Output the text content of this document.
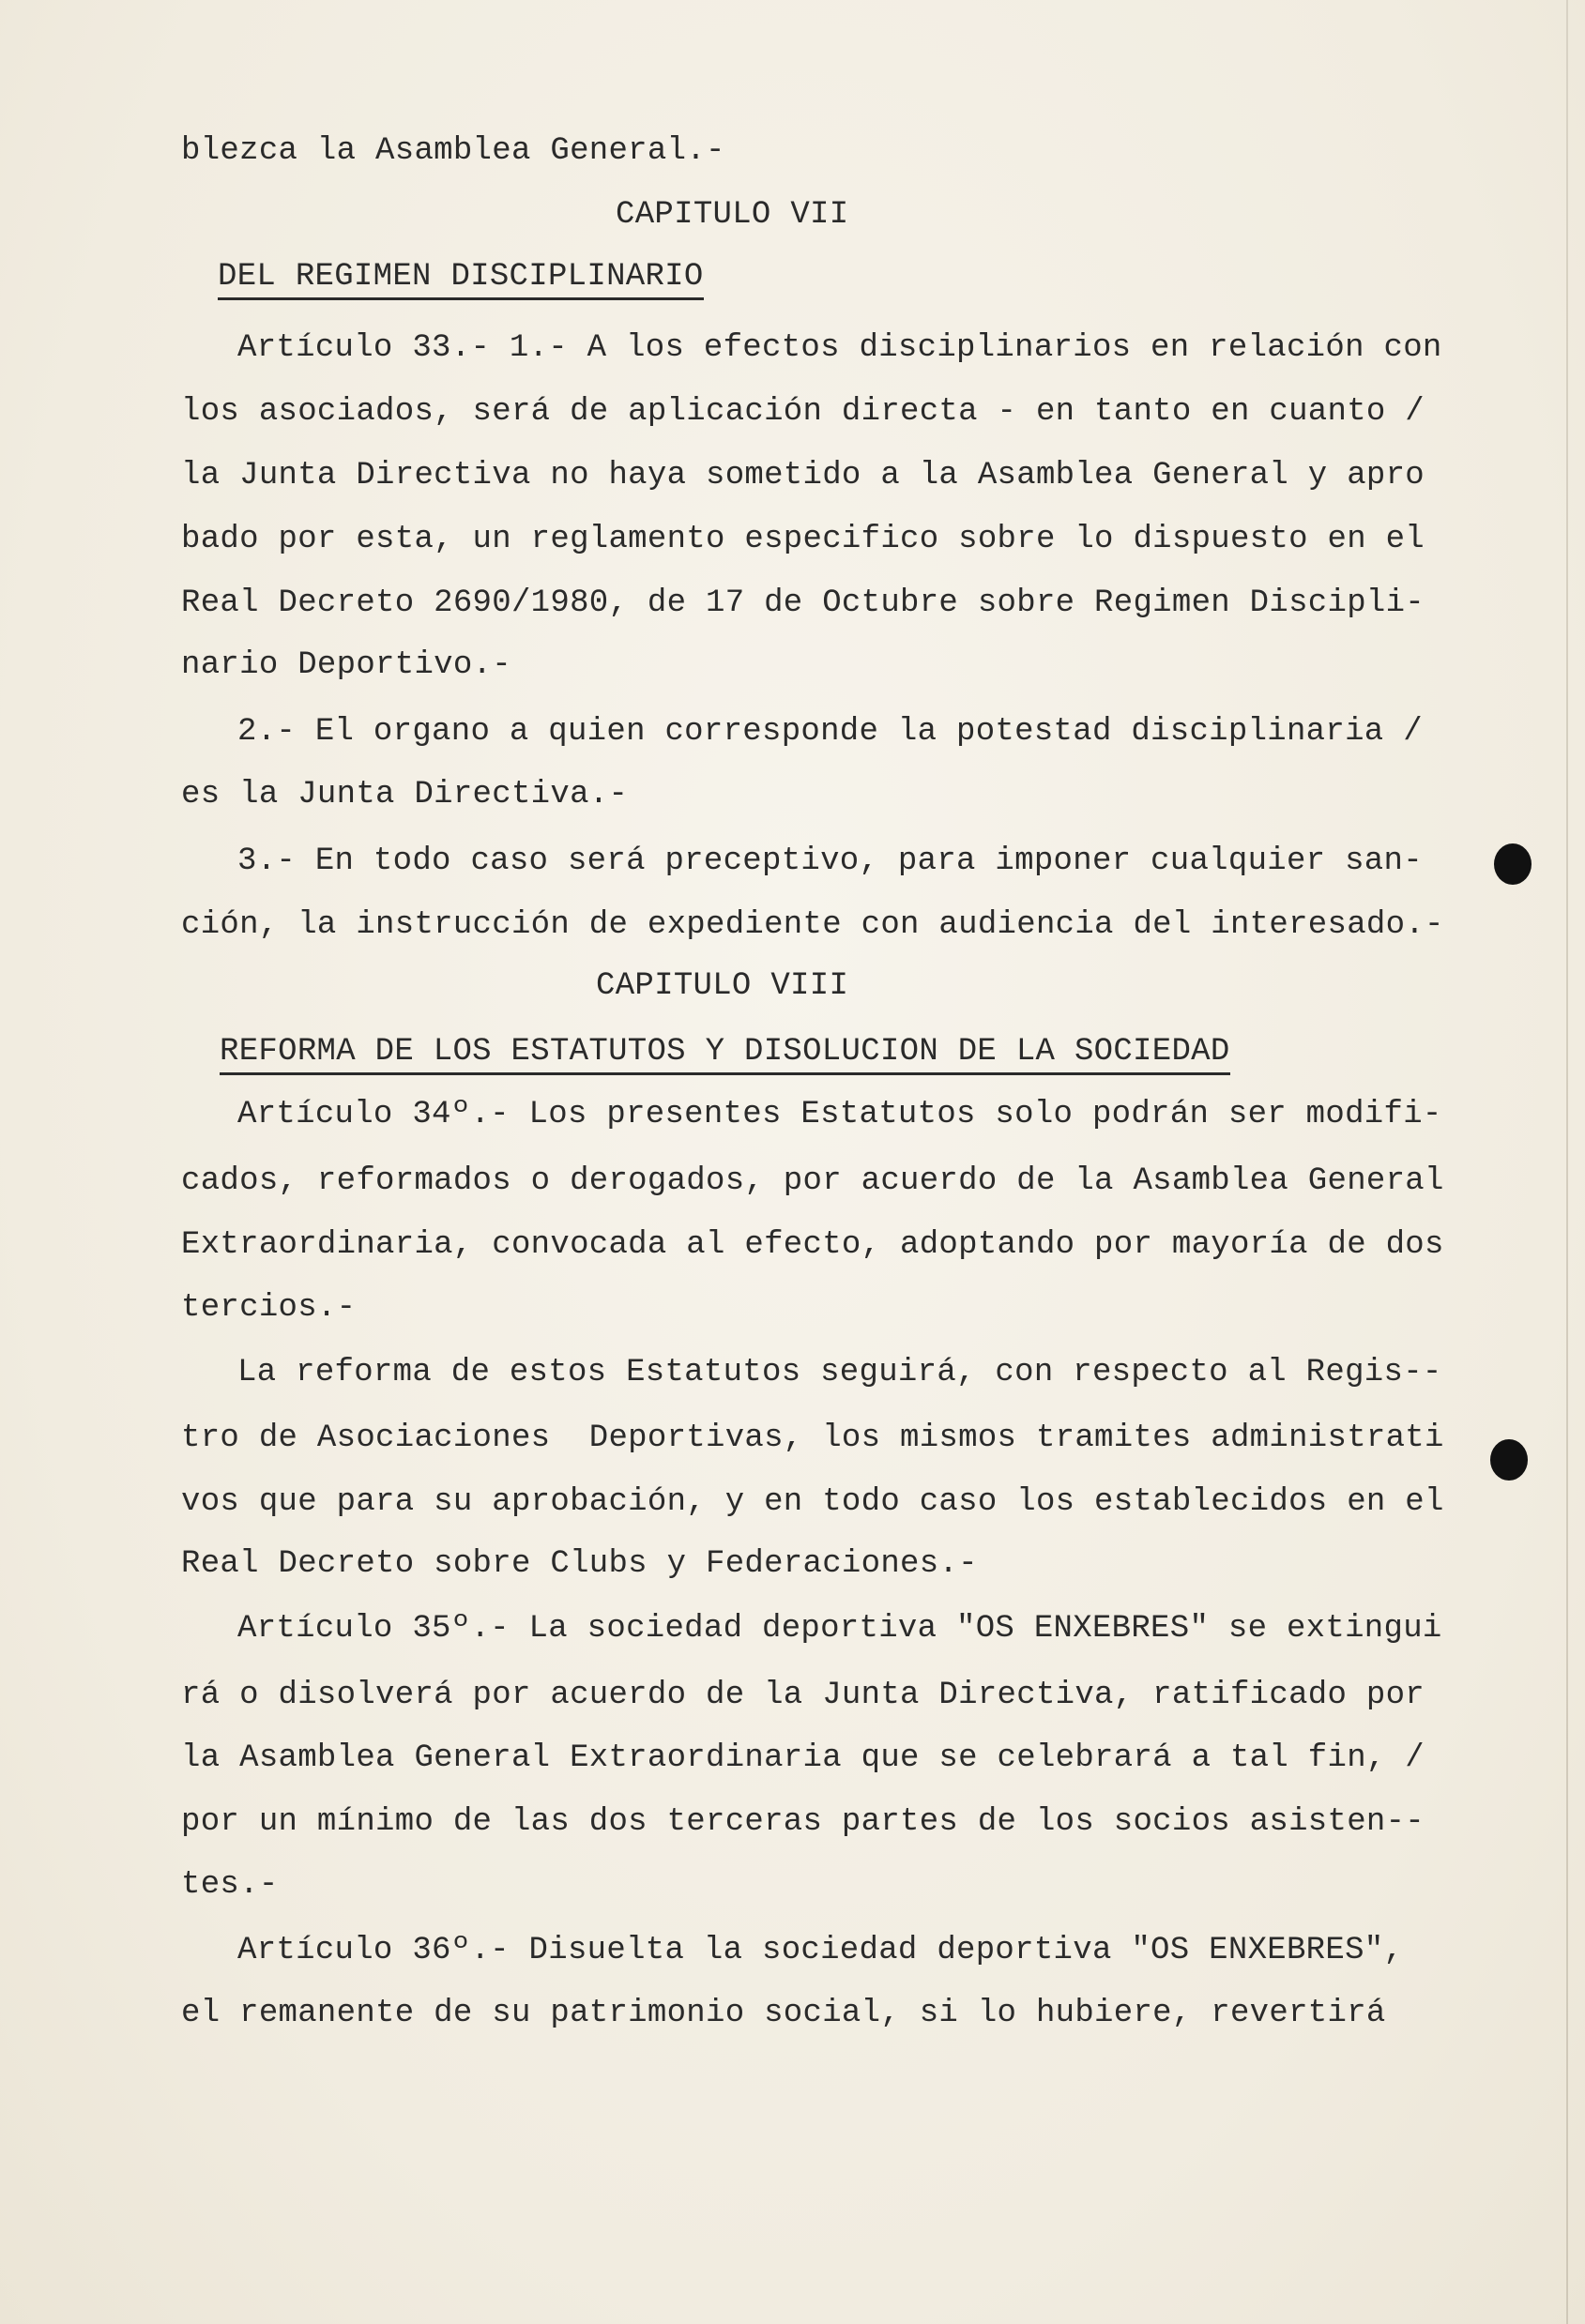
blezca la Asamblea General.-
CAPITULO VII
DEL REGIMEN DISCIPLINARIO
Artículo 33.- 1.- A los efectos disciplinarios en relación con
los asociados, será de aplicación directa - en tanto en cuanto /
la Junta Directiva no haya sometido a la Asamblea General y apro
bado por esta, un reglamento especifico sobre lo dispuesto en el
Real Decreto 2690/1980, de 17 de Octubre sobre Regimen Discipli-
nario Deportivo.-
2.- El organo a quien corresponde la potestad disciplinaria /
es la Junta Directiva.-
3.- En todo caso será preceptivo, para imponer cualquier san-
ción, la instrucción de expediente con audiencia del interesado.-
CAPITULO VIII
REFORMA DE LOS ESTATUTOS Y DISOLUCION DE LA SOCIEDAD
Artículo 34º.- Los presentes Estatutos solo podrán ser modifi-
cados, reformados o derogados, por acuerdo de la Asamblea General
Extraordinaria, convocada al efecto, adoptando por mayoría de dos
tercios.-
La reforma de estos Estatutos seguirá, con respecto al Regis--
tro de Asociaciones  Deportivas, los mismos tramites administrati
vos que para su aprobación, y en todo caso los establecidos en el
Real Decreto sobre Clubs y Federaciones.-
Artículo 35º.- La sociedad deportiva "OS ENXEBRES" se extingui
rá o disolverá por acuerdo de la Junta Directiva, ratificado por
la Asamblea General Extraordinaria que se celebrará a tal fin, /
por un mínimo de las dos terceras partes de los socios asisten--
tes.-
Artículo 36º.- Disuelta la sociedad deportiva "OS ENXEBRES",
el remanente de su patrimonio social, si lo hubiere, revertirá
